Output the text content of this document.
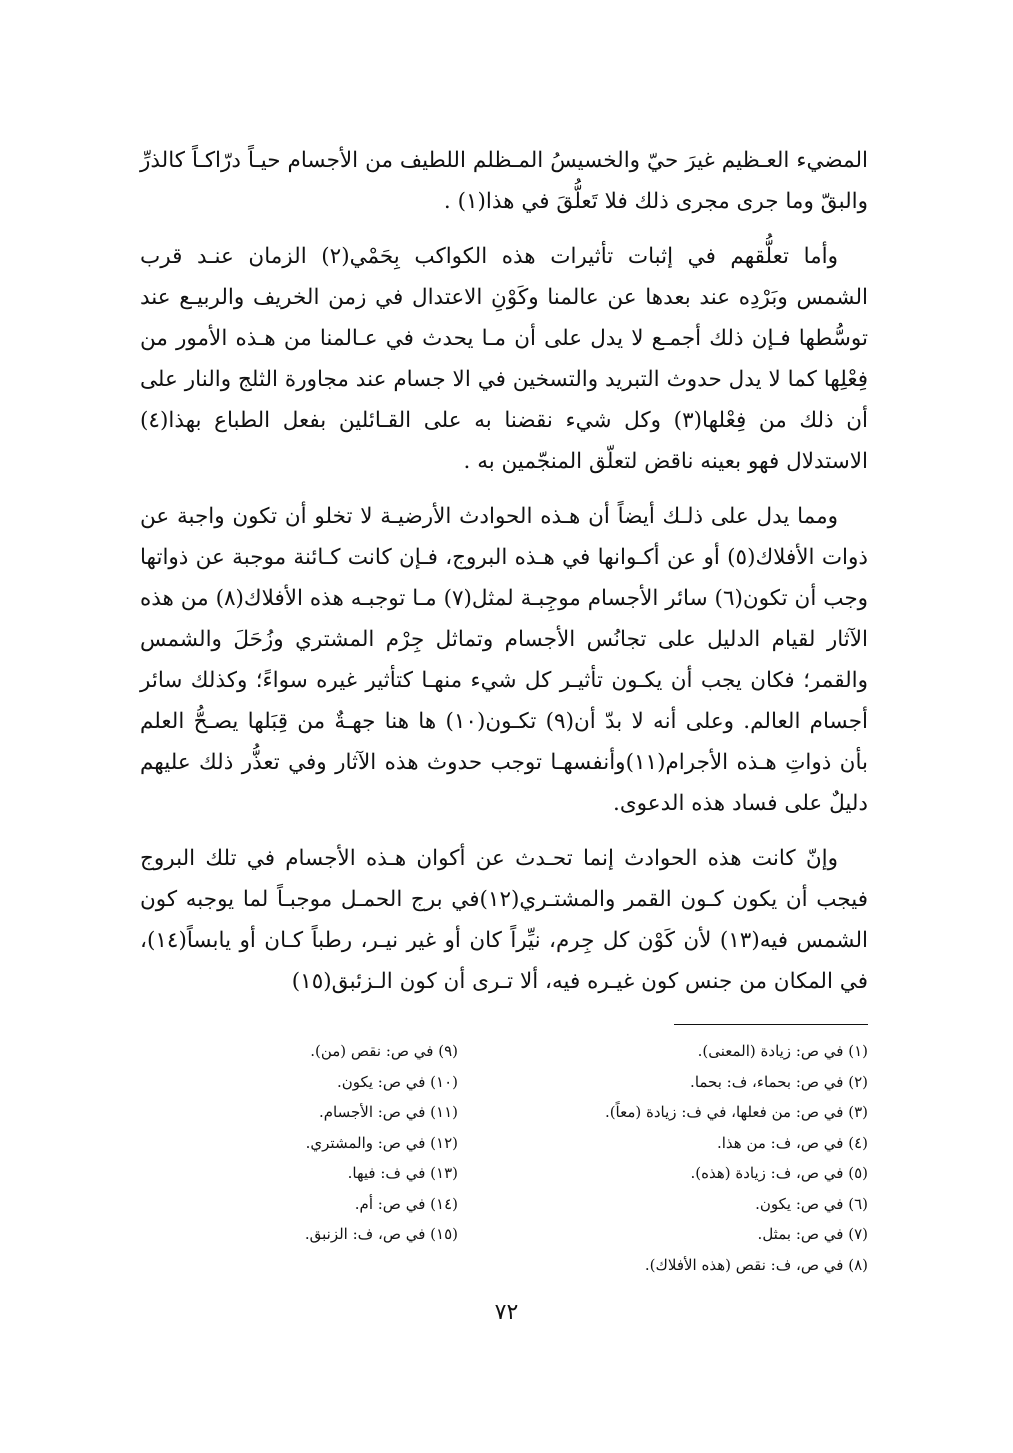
المضيء العـظيم غيرَ حيّ والخسيسُ المـظلم اللطيف من الأجسام حيـاً درّاكـاً كالذرِّ والبقّ وما جرى مجرى ذلك فلا تَعلُّقَ في هذا(١) .

وأما تعلُّقهم في إثبات تأثيرات هذه الكواكب بِحَمْي(٢) الزمان عنـد قرب الشمس وبَرْدِه عند بعدها عن عالمنا وكَوْنِ الاعتدال في زمن الخريف والربيـع عند توسُّطها فـإن ذلك أجمـع لا يدل على أن مـا يحدث في عـالمنا من هـذه الأمور من فِعْلِها كما لا يدل حدوث التبريد والتسخين في الا جسام عند مجاورة الثلج والنار على أن ذلك من فِعْلها(٣) وكل شيء نقضنا به على القـائلين بفعل الطباع بهذا(٤) الاستدلال فهو بعينه ناقض لتعلّق المنجّمين به .

ومما يدل على ذلـك أيضاً أن هـذه الحوادث الأرضيـة لا تخلو أن تكون واجبة عن ذوات الأفلاك(٥) أو عن أكـوانها في هـذه البروج، فـإن كانت كـائنة موجبة عن ذواتها وجب أن تكون(٦) سائر الأجسام موجِبـة لمثل(٧) مـا توجبـه هذه الأفلاك(٨) من هذه الآثار لقيام الدليل على تجانُس الأجسام وتماثل جِرْم المشتري وزُحَلَ والشمس والقمر؛ فكان يجب أن يكـون تأثيـر كل شيء منهـا كتأثير غيره سواءً؛ وكذلك سائر أجسام العالم. وعلى أنه لا بدّ أن(٩) تكـون(١٠) ها هنا جهـةٌ من قِبَلها يصـحُّ العلم بأن ذواتِ هـذه الأجرام(١١)وأنفسهـا توجب حدوث هذه الآثار وفي تعذُّر ذلك عليهم دليلٌ على فساد هذه الدعوى.

وإنّ كانت هذه الحوادث إنما تحـدث عن أكوان هـذه الأجسام في تلك البروج فيجب أن يكون كـون القمر والمشتـري(١٢)في برج الحمـل موجبـاً لما يوجبه كون الشمس فيه(١٣) لأن كَوْن كل جِرم، نيِّراً كان أو غير نيـر، رطباً كـان أو يابساً(١٤)، في المكان من جنس كون غيـره فيه، ألا تـرى أن كون الـزئبق(١٥)

(١) في ص: زيادة (المعنى).
(٢) في ص: بحماء، ف: بحما.
(٣) في ص: من فعلها، في ف: زيادة (معاً).
(٤) في ص، ف: من هذا.
(٥) في ص، ف: زيادة (هذه).
(٦) في ص: يكون.
(٧) في ص: بمثل.
(٨) في ص، ف: نقص (هذه الأفلاك).
(٩) في ص: نقص (من).
(١٠) في ص: يكون.
(١١) في ص: الأجسام.
(١٢) في ص: والمشتري.
(١٣) في ف: فيها.
(١٤) في ص: أم.
(١٥) في ص، ف: الزنبق.
٧٢
